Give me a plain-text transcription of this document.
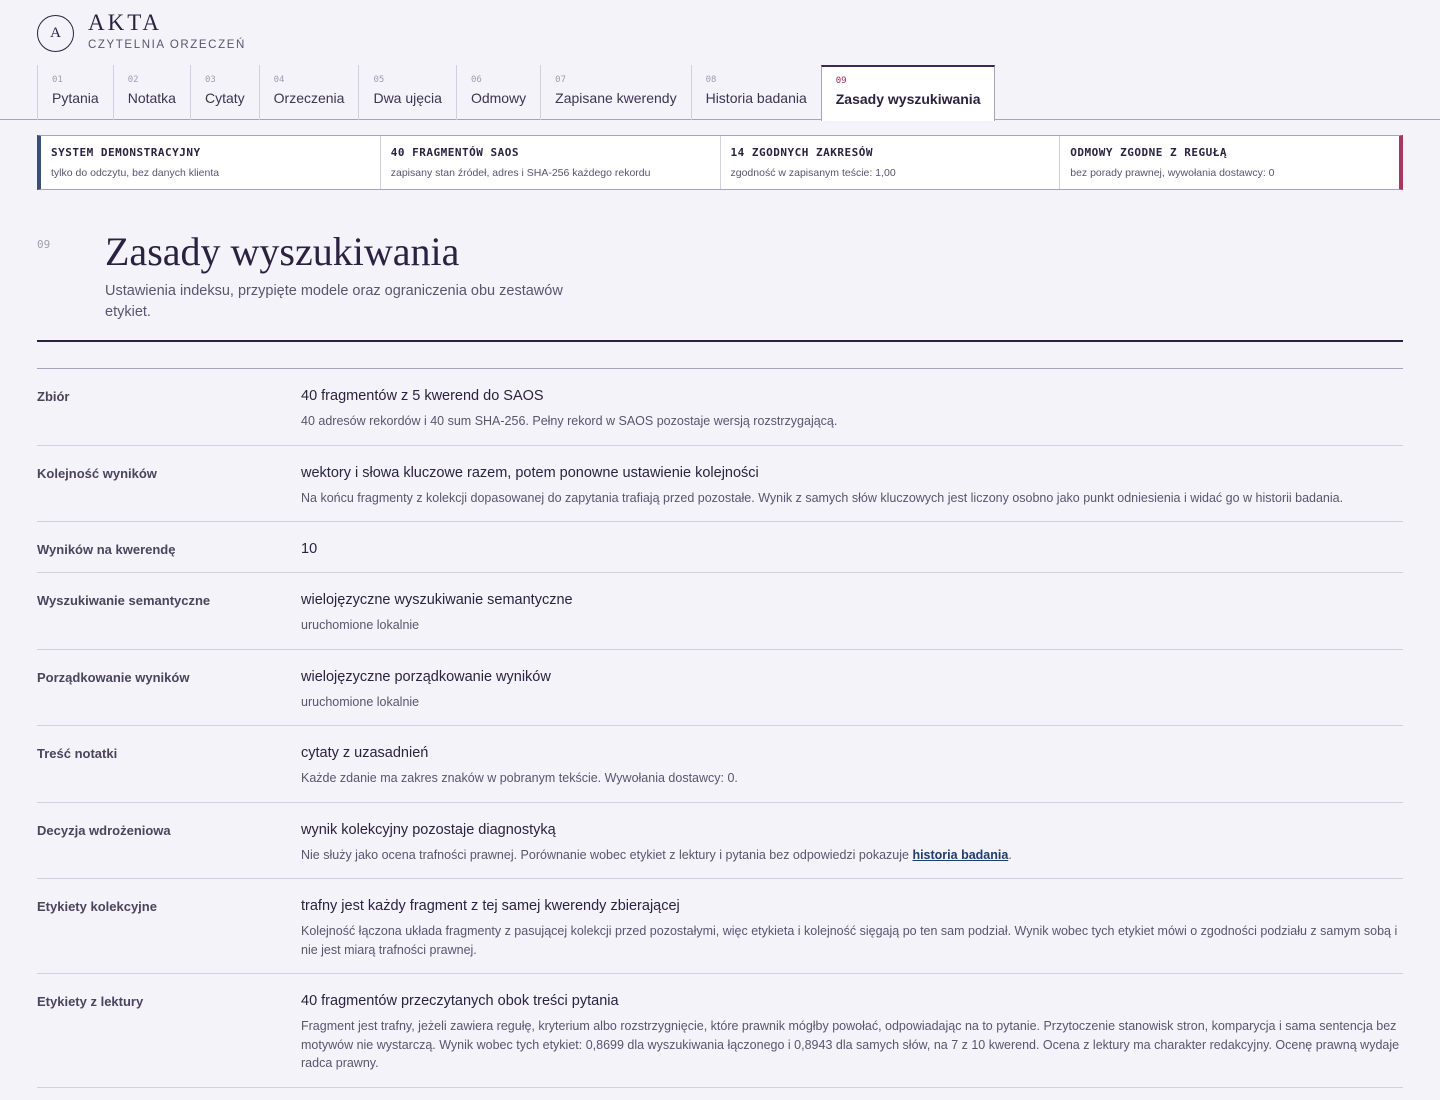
A	AKTA
CZYTELNIA ORZECZEŃ
01
Pytania
02
Notatka
03
Cytaty
04
Orzeczenia
05
Dwa ujęcia
06
Odmowy
07
Zapisane kwerendy
08
Historia badania
09
Zasady wyszukiwania
SYSTEM DEMONSTRACYJNY
tylko do odczytu, bez danych klienta
40 FRAGMENTÓW SAOS
zapisany stan źródeł, adres i SHA-256 każdego rekordu
14 ZGODNYCH ZAKRESÓW
zgodność w zapisanym teście: 1,00
ODMOWY ZGODNE Z REGUŁĄ
bez porady prawnej, wywołania dostawcy: 0
09 Zasady wyszukiwania

Ustawienia indeksu, przypięte modele oraz ograniczenia obu zestawów etykiet.

Zbiór	40 fragmentów z 5 kwerend do SAOS
40 adresów rekordów i 40 sum SHA-256. Pełny rekord w SAOS pozostaje wersją rozstrzygającą.
Kolejność wyników	wektory i słowa kluczowe razem, potem ponowne ustawienie kolejności
Na końcu fragmenty z kolekcji dopasowanej do zapytania trafiają przed pozostałe. Wynik z samych słów kluczowych jest liczony osobno jako punkt odniesienia i widać go w historii badania.
Wyników na kwerendę	10
Wyszukiwanie semantyczne	wielojęzyczne wyszukiwanie semantyczne
uruchomione lokalnie
Porządkowanie wyników	wielojęzyczne porządkowanie wyników
uruchomione lokalnie
Treść notatki	cytaty z uzasadnień
Każde zdanie ma zakres znaków w pobranym tekście. Wywołania dostawcy: 0.
Decyzja wdrożeniowa	wynik kolekcyjny pozostaje diagnostyką
Nie służy jako ocena trafności prawnej. Porównanie wobec etykiet z lektury i pytania bez odpowiedzi pokazuje historia badania.
Etykiety kolekcyjne	trafny jest każdy fragment z tej samej kwerendy zbierającej
Kolejność łączona układa fragmenty z pasującej kolekcji przed pozostałymi, więc etykieta i kolejność sięgają po ten sam podział. Wynik wobec tych etykiet mówi o zgodności podziału z samym sobą i nie jest miarą trafności prawnej.
Etykiety z lektury	40 fragmentów przeczytanych obok treści pytania
Fragment jest trafny, jeżeli zawiera regułę, kryterium albo rozstrzygnięcie, które prawnik mógłby powołać, odpowiadając na to pytanie. Przytoczenie stanowisk stron, komparycja i sama sentencja bez motywów nie wystarczą. Wynik wobec tych etykiet: 0,8699 dla wyszukiwania łączonego i 0,8943 dla samych słów, na 7 z 10 kwerend. Ocena z lektury ma charakter redakcyjny. Ocenę prawną wydaje radca prawny.
